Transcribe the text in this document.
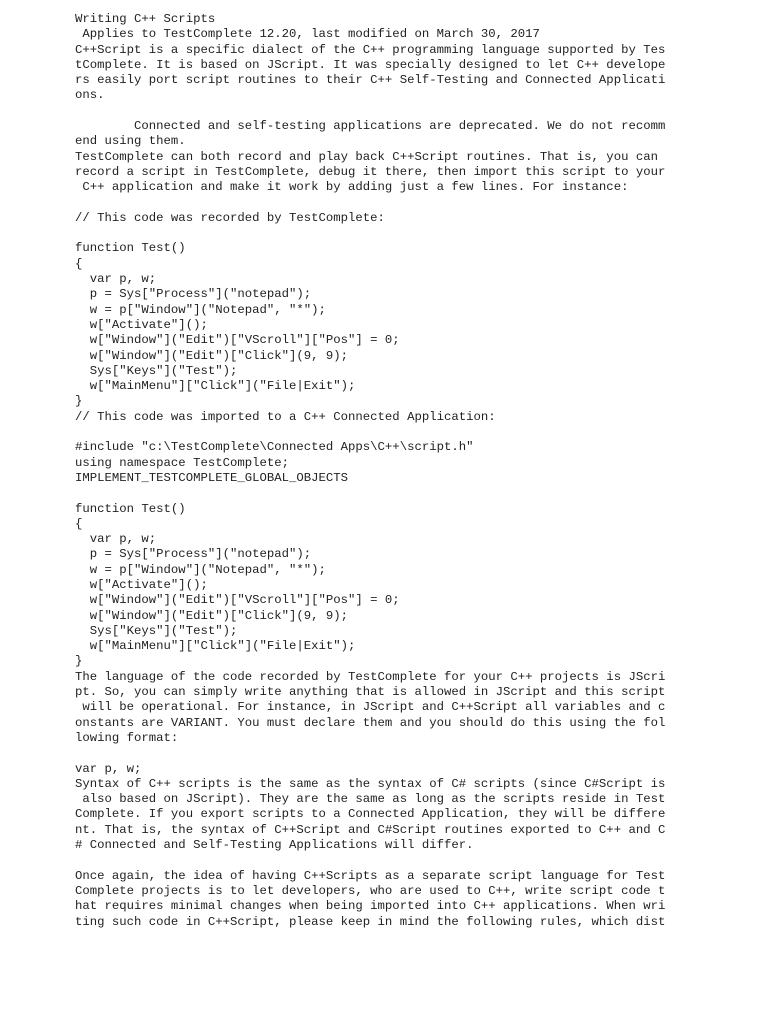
Writing C++ Scripts
Applies to TestComplete 12.20, last modified on March 30, 2017
C++Script is a specific dialect of the C++ programming language supported by Tes
tComplete. It is based on JScript. It was specially designed to let C++ develope
rs easily port script routines to their C++ Self-Testing and Connected Applicati
ons.
Connected and self-testing applications are deprecated. We do not recomm
end using them.
TestComplete can both record and play back C++Script routines. That is, you can
record a script in TestComplete, debug it there, then import this script to your
C++ application and make it work by adding just a few lines. For instance:
// This code was recorded by TestComplete:
function Test()
{
var p, w;
p = Sys["Process"]("notepad");
w = p["Window"]("Notepad", "*");
w["Activate"]();
w["Window"]("Edit")["VScroll"]["Pos"] = 0;
w["Window"]("Edit")["Click"](9, 9);
Sys["Keys"]("Test");
w["MainMenu"]["Click"]("File|Exit");
}
// This code was imported to a C++ Connected Application:
#include "c:\TestComplete\Connected Apps\C++\script.h"
using namespace TestComplete;
IMPLEMENT_TESTCOMPLETE_GLOBAL_OBJECTS
function Test()
{
var p, w;
p = Sys["Process"]("notepad");
w = p["Window"]("Notepad", "*");
w["Activate"]();
w["Window"]("Edit")["VScroll"]["Pos"] = 0;
w["Window"]("Edit")["Click"](9, 9);
Sys["Keys"]("Test");
w["MainMenu"]["Click"]("File|Exit");
}
The language of the code recorded by TestComplete for your C++ projects is JScri
pt. So, you can simply write anything that is allowed in JScript and this script
will be operational. For instance, in JScript and C++Script all variables and c
onstants are VARIANT. You must declare them and you should do this using the fol
lowing format:
var p, w;
Syntax of C++ scripts is the same as the syntax of C# scripts (since C#Script is
also based on JScript). They are the same as long as the scripts reside in Test
Complete. If you export scripts to a Connected Application, they will be differe
nt. That is, the syntax of C++Script and C#Script routines exported to C++ and C
# Connected and Self-Testing Applications will differ.
Once again, the idea of having C++Scripts as a separate script language for Test
Complete projects is to let developers, who are used to C++, write script code t
hat requires minimal changes when being imported into C++ applications. When wri
ting such code in C++Script, please keep in mind the following rules, which dist
